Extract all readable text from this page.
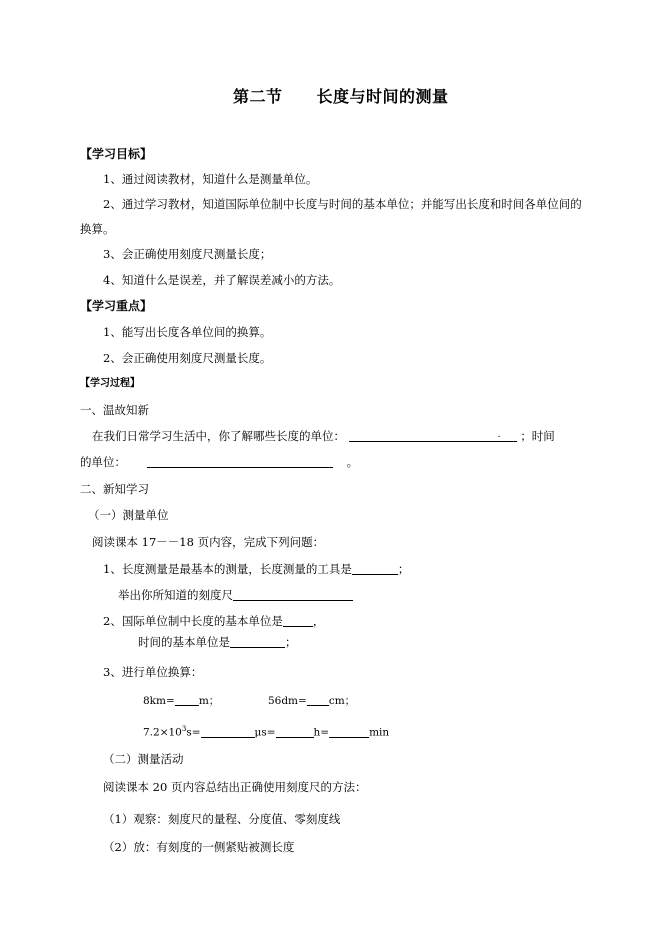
第二节 长度与时间的测量
【学习目标】
1、通过阅读教材，知道什么是测量单位。
2、通过学习教材，知道国际单位制中长度与时间的基本单位；并能写出长度和时间各单位间的
换算。
3、会正确使用刻度尺测量长度；
4、知道什么是误差，并了解误差减小的方法。
【学习重点】
1、能写出长度各单位间的换算。
2、会正确使用刻度尺测量长度。
【学习过程】
一、温故知新
在我们日常学习生活中，你了解哪些长度的单位：	. ；时间
的单位：	。
二、新知学习
（一）测量单位
阅读课本 17－－18 页内容，完成下列问题：
1、长度测量是最基本的测量，长度测量的工具是	；
举出你所知道的刻度尺
2、国际单位制中长度的基本单位是	，
时间的基本单位是	；
3、进行单位换算：
8km= m；	56dm= cm；
$7.2\times 10^3s=$	μs=	h=	min
（二）测量活动
阅读课本 20 页内容总结出正确使用刻度尺的方法：
（1）观察：刻度尺的量程、分度值、零刻度线
（2）放：有刻度的一侧紧贴被测长度
